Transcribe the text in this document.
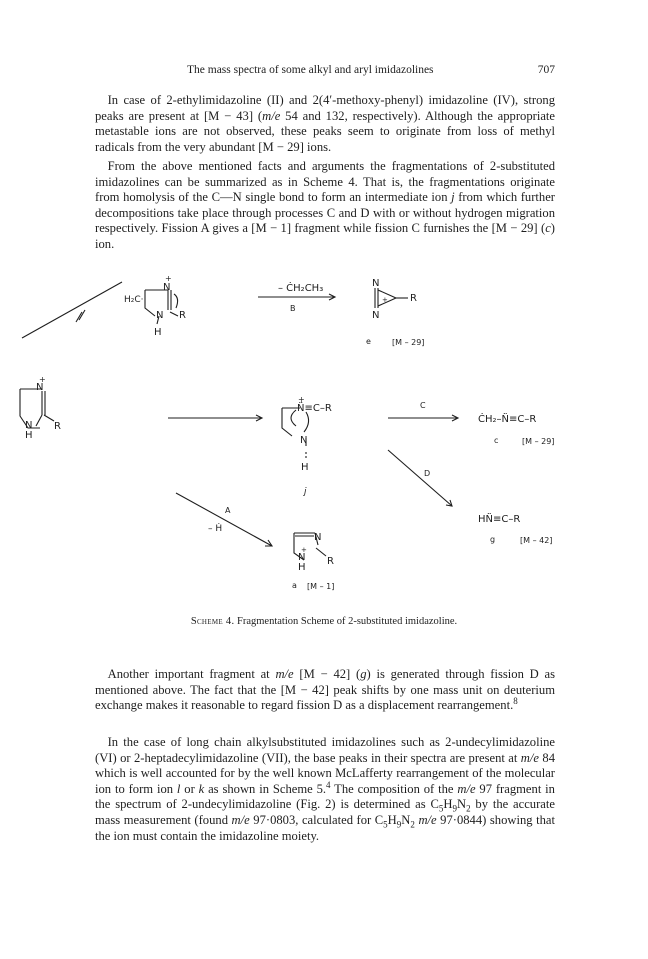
The mass spectra of some alkyl and aryl imidazolines	707

 In case of 2-ethylimidazoline (II) and 2(4′-methoxy-phenyl) imidazoline (IV), strong peaks are present at [M − 43] (m/e 54 and 132, respectively). Although the appropriate metastable ions are not observed, these peaks seem to originate from loss of methyl radicals from the very abundant [M − 29] ions.

 From the above mentioned facts and arguments the fragmentations of 2-substituted imidazolines can be summarized as in Scheme 4. That is, the fragmentations originate from homolysis of the C—N single bond to form an intermediate ion j from which further decompositions take place through processes C and D with or without hydrogen migration respectively. Fission A gives a [M − 1] fragment while fission C furnishes the [M − 29] (c) ion.

N
+
N
H
R
H₂C·
N
+
N R
H
– ĊH₂CH₃
B
N
N
R
+
e	[M – 29]
N̈≡C–R
+
N
H
j
C
ĊH₂–N̈≡C–R
c	[M – 29]
D
HN̈≡C–R
g	[M – 42]
A
– Ḣ
N
N
+
H
R
a [M – 1]
Scheme 4. Fragmentation Scheme of 2-substituted imidazoline.

 Another important fragment at m/e [M − 42] (g) is generated through fission D as mentioned above. The fact that the [M − 42] peak shifts by one mass unit on deuterium exchange makes it reasonable to regard fission D as a displacement rearrangement.$^8$

 In the case of long chain alkylsubstituted imidazolines such as 2-undecylimidazoline (VI) or 2-heptadecylimidazoline (VII), the base peaks in their spectra are present at m/e 84 which is well accounted for by the well known McLafferty rearrangement of the molecular ion to form ion l or k as shown in Scheme 5.$^4$ The composition of the m/e 97 fragment in the spectrum of 2-undecylimidazoline (Fig. 2) is determined as $C_5H_9N_2$ by the accurate mass measurement (found m/e 97·0803, calculated for $C_5H_9N_2$ m/e 97·0844) showing that the ion must contain the imidazoline moiety.
